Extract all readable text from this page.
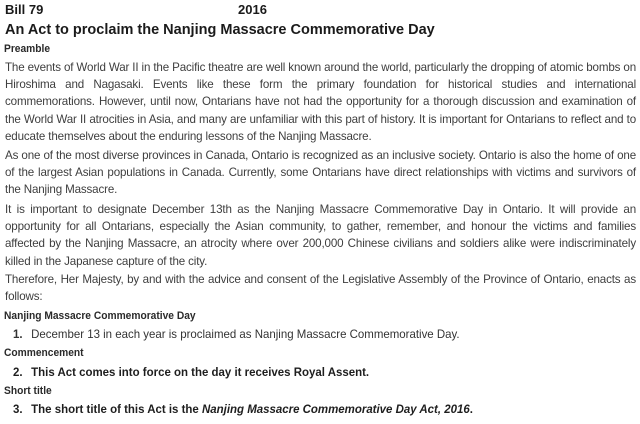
Bill 79	2016
An Act to proclaim the Nanjing Massacre Commemorative Day
Preamble
The events of World War II in the Pacific theatre are well known around the world, particularly the dropping of atomic bombs on Hiroshima and Nagasaki. Events like these form the primary foundation for historical studies and international commemorations. However, until now, Ontarians have not had the opportunity for a thorough discussion and examination of the World War II atrocities in Asia, and many are unfamiliar with this part of history. It is important for Ontarians to reflect and to educate themselves about the enduring lessons of the Nanjing Massacre.
As one of the most diverse provinces in Canada, Ontario is recognized as an inclusive society. Ontario is also the home of one of the largest Asian populations in Canada. Currently, some Ontarians have direct relationships with victims and survivors of the Nanjing Massacre.
It is important to designate December 13th as the Nanjing Massacre Commemorative Day in Ontario. It will provide an opportunity for all Ontarians, especially the Asian community, to gather, remember, and honour the victims and families affected by the Nanjing Massacre, an atrocity where over 200,000 Chinese civilians and soldiers alike were indiscriminately killed in the Japanese capture of the city.
Therefore, Her Majesty, by and with the advice and consent of the Legislative Assembly of the Province of Ontario, enacts as follows:
Nanjing Massacre Commemorative Day
1. December 13 in each year is proclaimed as Nanjing Massacre Commemorative Day.
Commencement
2. This Act comes into force on the day it receives Royal Assent.
Short title
3. The short title of this Act is the Nanjing Massacre Commemorative Day Act, 2016.
